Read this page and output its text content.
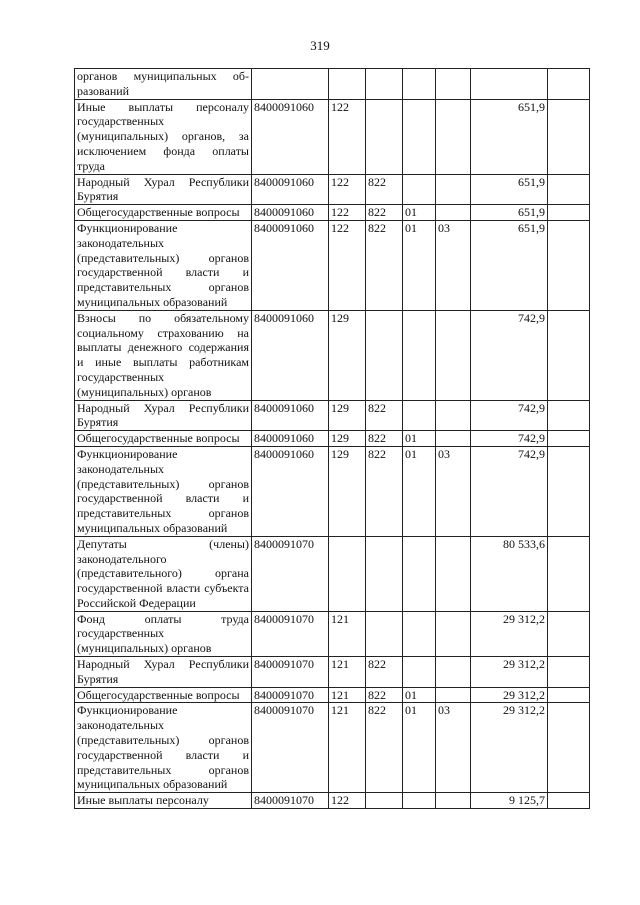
319
органов муниципальных об-разований							
Иные выплаты персоналу государственных (муниципальных) органов, за исключением фонда оплаты труда	8400091060	122				651,9	
Народный Хурал Республики Бурятия	8400091060	122	822			651,9	
Общегосударственные вопросы	8400091060	122	822	01		651,9	
Функционирование законодательных (представительных) органов государственной власти и представительных органов муниципальных образований	8400091060	122	822	01	03	651,9	
Взносы по обязательному социальному страхованию на выплаты денежного содержания и иные выплаты работникам государственных (муниципальных) органов	8400091060	129				742,9	
Народный Хурал Республики Бурятия	8400091060	129	822			742,9	
Общегосударственные вопросы	8400091060	129	822	01		742,9	
Функционирование законодательных (представительных) органов государственной власти и представительных органов муниципальных образований	8400091060	129	822	01	03	742,9	
Депутаты (члены) законодательного (представительного) органа государственной власти субъекта Российской Федерации	8400091070					80 533,6	
Фонд оплаты труда государственных (муниципальных) органов	8400091070	121				29 312,2	
Народный Хурал Республики Бурятия	8400091070	121	822			29 312,2	
Общегосударственные вопросы	8400091070	121	822	01		29 312,2	
Функционирование законодательных (представительных) органов государственной власти и представительных органов муниципальных образований	8400091070	121	822	01	03	29 312,2	
Иные выплаты персоналу	8400091070	122				9 125,7	
